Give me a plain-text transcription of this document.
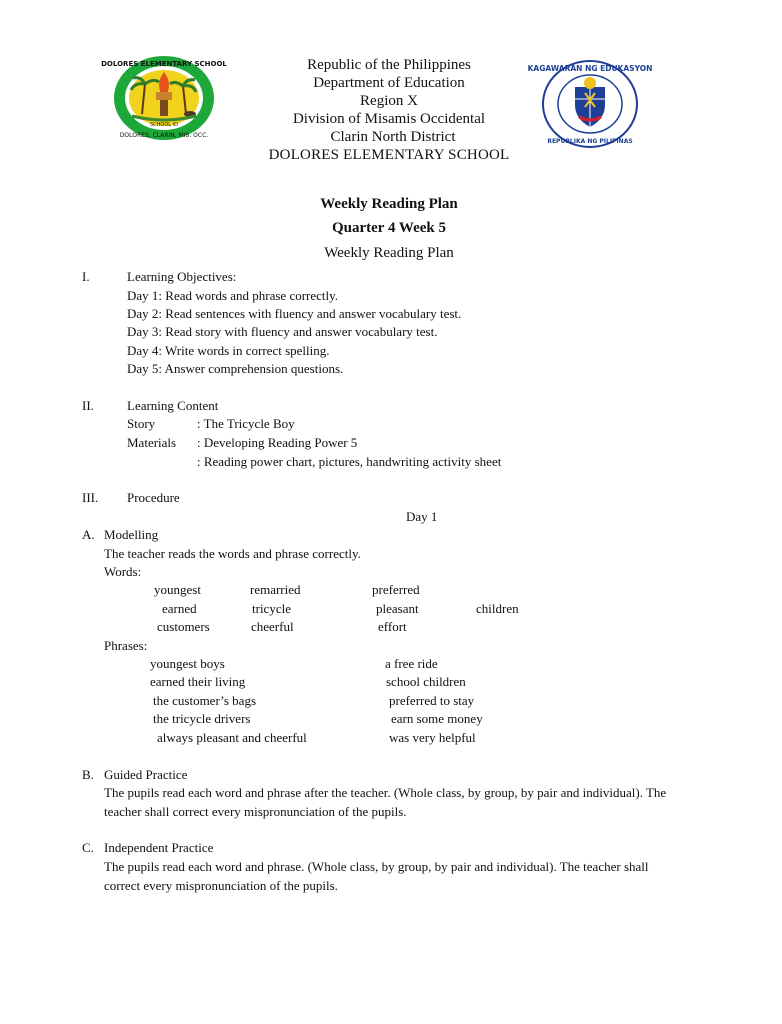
DOLORES ELEMENTARY SCHOOL
SCHOOL ID
DOLORES, CLARIN, MIS. OCC.
KAGAWARAN NG EDUKASYON
REPUBLIKA NG PILIPINAS
Republic of the Philippines
Department of Education
Region X
Division of Misamis Occidental
Clarin North District
DOLORES ELEMENTARY SCHOOL
Weekly Reading Plan
Quarter 4 Week 5
Weekly Reading Plan
I.	Learning Objectives:
Day 1: Read words and phrase correctly.
Day 2: Read sentences with fluency and answer vocabulary test.
Day 3: Read story with fluency and answer vocabulary test.
Day 4: Write words in correct spelling.
Day 5: Answer comprehension questions.
II.	Learning Content
Story	: The Tricycle Boy
Materials : Developing Reading Power 5
: Reading power chart, pictures, handwriting activity sheet
III. Procedure
Day 1
A. Modelling
The teacher reads the words and phrase correctly.
Words:
youngest	remarried	preferred
earned	tricycle	pleasant	children
customers	cheerful	effort
Phrases:
youngest boys	a free ride
earned their living	school children
the customer’s bags	preferred to stay
the tricycle drivers	earn some money
always pleasant and cheerful	was very helpful
B. Guided Practice
The pupils read each word and phrase after the teacher. (Whole class, by group, by pair and individual). The
teacher shall correct every mispronunciation of the pupils.
C. Independent Practice
The pupils read each word and phrase. (Whole class, by group, by pair and individual). The teacher shall
correct every mispronunciation of the pupils.
